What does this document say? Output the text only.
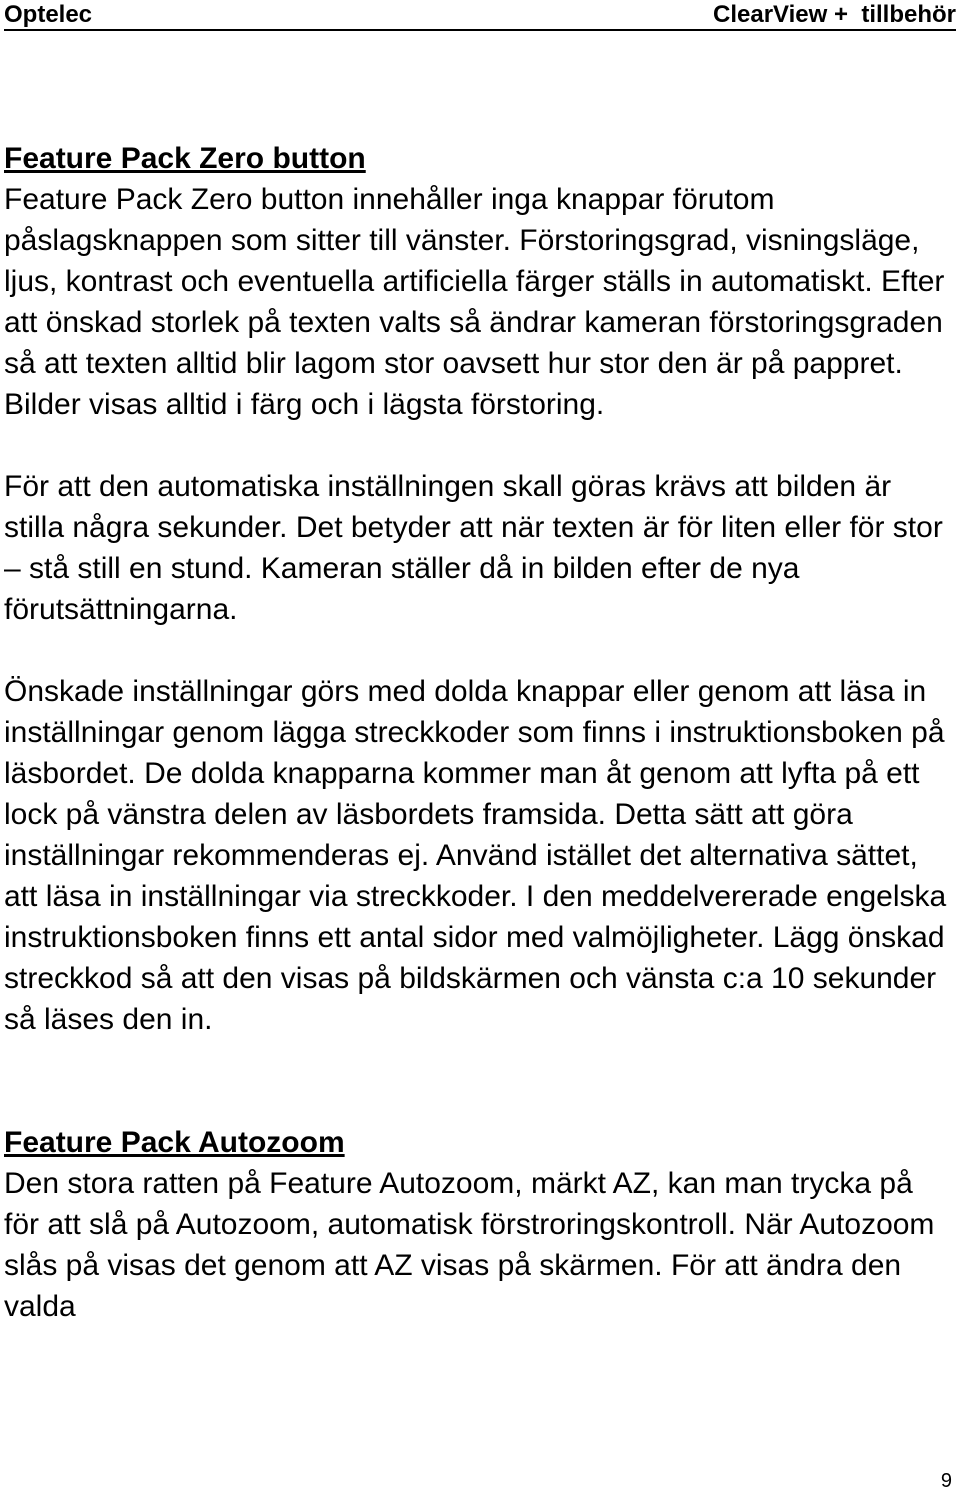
Optelec	ClearView +  tillbehör
Feature Pack Zero button

Feature Pack Zero button innehåller inga knappar förutom påslagsknappen som sitter till vänster. Förstoringsgrad, visningsläge, ljus, kontrast och eventuella artificiella färger ställs in automatiskt. Efter att önskad storlek på texten valts så ändrar kameran förstoringsgraden så att texten alltid blir lagom stor oavsett hur stor den är på pappret. Bilder visas alltid i färg och i lägsta förstoring.

För att den automatiska inställningen skall göras krävs att bilden är stilla några sekunder. Det betyder att när texten är för liten eller för stor – stå still en stund. Kameran ställer då in bilden efter de nya förutsättningarna.

Önskade inställningar görs med dolda knappar eller genom att läsa in inställningar genom lägga streckkoder som finns i instruktionsboken på läsbordet. De dolda knapparna kommer man åt genom att lyfta på ett lock på vänstra delen av läsbordets framsida. Detta sätt att göra inställningar rekommenderas ej. Använd istället det alternativa sättet, att läsa in inställningar via streckkoder. I den meddelvererade engelska instruktionsboken finns ett antal sidor med valmöjligheter. Lägg önskad streckkod så att den visas på bildskärmen och vänsta c:a 10 sekunder så läses den in.

Feature Pack Autozoom

Den stora ratten på Feature Autozoom, märkt AZ, kan man trycka på för att slå på Autozoom, automatisk förstroringskontroll. När Autozoom slås på visas det genom att AZ visas på skärmen. För att ändra den valda

9
